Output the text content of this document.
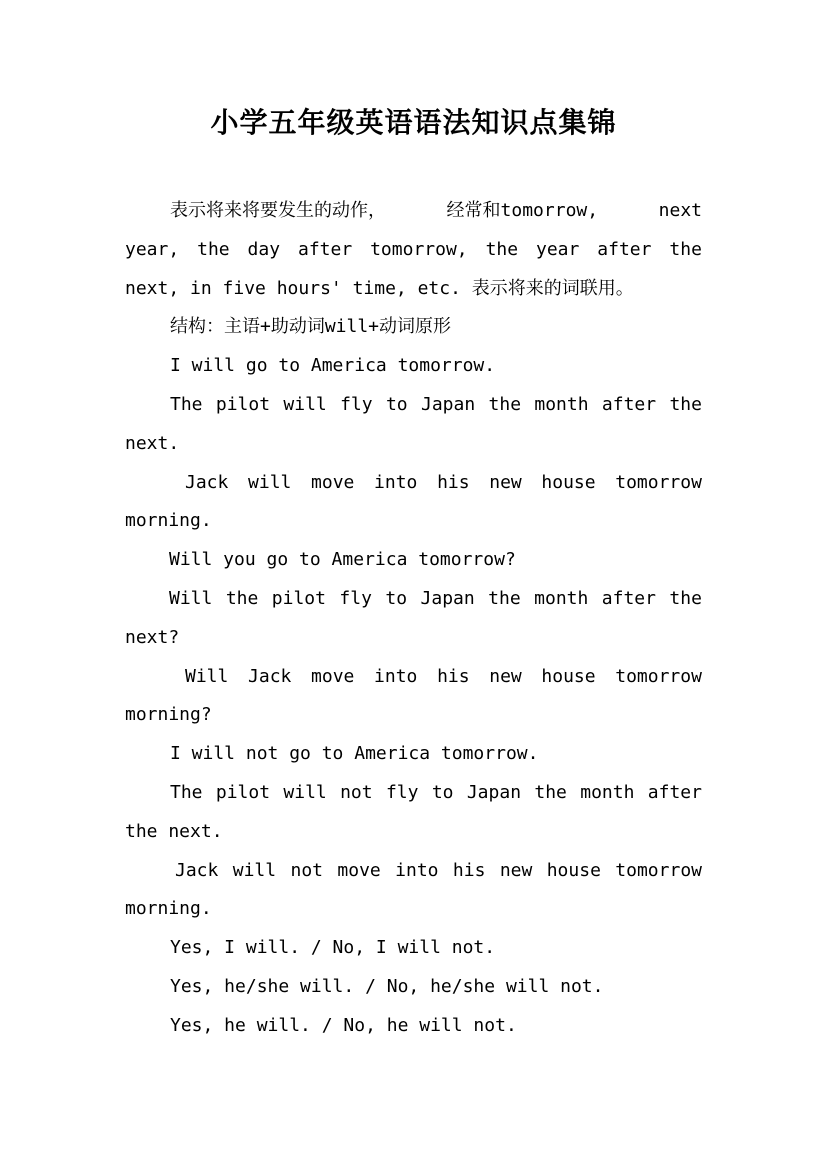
小学五年级英语语法知识点集锦
表示将来将要发生的动作，	经常和tomorrow,	next
year, the day after tomorrow, the year after the
next, in five hours' time, etc. 表示将来的词联用。
结构：主语+助动词will+动词原形
I will go to America tomorrow.
The pilot will fly to Japan the month after the
next.
Jack will move into his new house tomorrow
morning.
Will you go to America tomorrow?
Will the pilot fly to Japan the month after the
next?
Will Jack move into his new house tomorrow
morning?
I will not go to America tomorrow.
The pilot will not fly to Japan the month after
the next.
Jack will not move into his new house tomorrow
morning.
Yes, I will. / No, I will not.
Yes, he/she will. / No, he/she will not.
Yes, he will. / No, he will not.
